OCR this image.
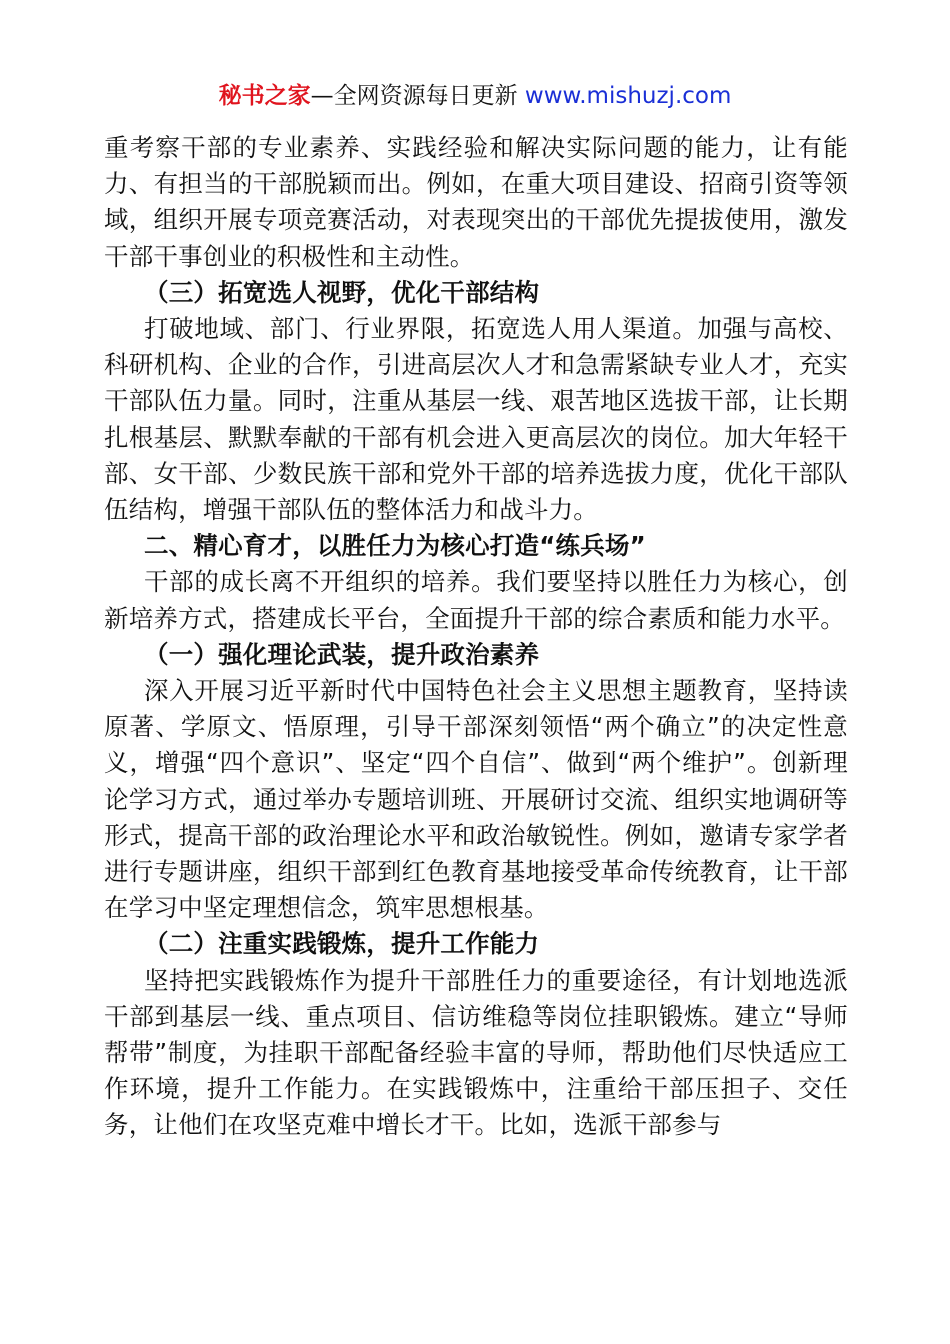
秘书之家—全网资源每日更新 www.mishuzj.com

重考察干部的专业素养、实践经验和解决实际问题的能力，让有能力、有担当的干部脱颖而出。例如，在重大项目建设、招商引资等领域，组织开展专项竞赛活动，对表现突出的干部优先提拔使用，激发干部干事创业的积极性和主动性。

（三）拓宽选人视野，优化干部结构

打破地域、部门、行业界限，拓宽选人用人渠道。加强与高校、科研机构、企业的合作，引进高层次人才和急需紧缺专业人才，充实干部队伍力量。同时，注重从基层一线、艰苦地区选拔干部，让长期扎根基层、默默奉献的干部有机会进入更高层次的岗位。加大年轻干部、女干部、少数民族干部和党外干部的培养选拔力度，优化干部队伍结构，增强干部队伍的整体活力和战斗力。

二、精心育才，以胜任力为核心打造“练兵场”

干部的成长离不开组织的培养。我们要坚持以胜任力为核心，创新培养方式，搭建成长平台，全面提升干部的综合素质和能力水平。

（一）强化理论武装，提升政治素养

深入开展习近平新时代中国特色社会主义思想主题教育，坚持读原著、学原文、悟原理，引导干部深刻领悟“两个确立”的决定性意义，增强“四个意识”、坚定“四个自信”、做到“两个维护”。创新理论学习方式，通过举办专题培训班、开展研讨交流、组织实地调研等形式，提高干部的政治理论水平和政治敏锐性。例如，邀请专家学者进行专题讲座，组织干部到红色教育基地接受革命传统教育，让干部在学习中坚定理想信念，筑牢思想根基。

（二）注重实践锻炼，提升工作能力

坚持把实践锻炼作为提升干部胜任力的重要途径，有计划地选派干部到基层一线、重点项目、信访维稳等岗位挂职锻炼。建立“导师帮带”制度，为挂职干部配备经验丰富的导师，帮助他们尽快适应工作环境，提升工作能力。在实践锻炼中，注重给干部压担子、交任务，让他们在攻坚克难中增长才干。比如，选派干部参与
